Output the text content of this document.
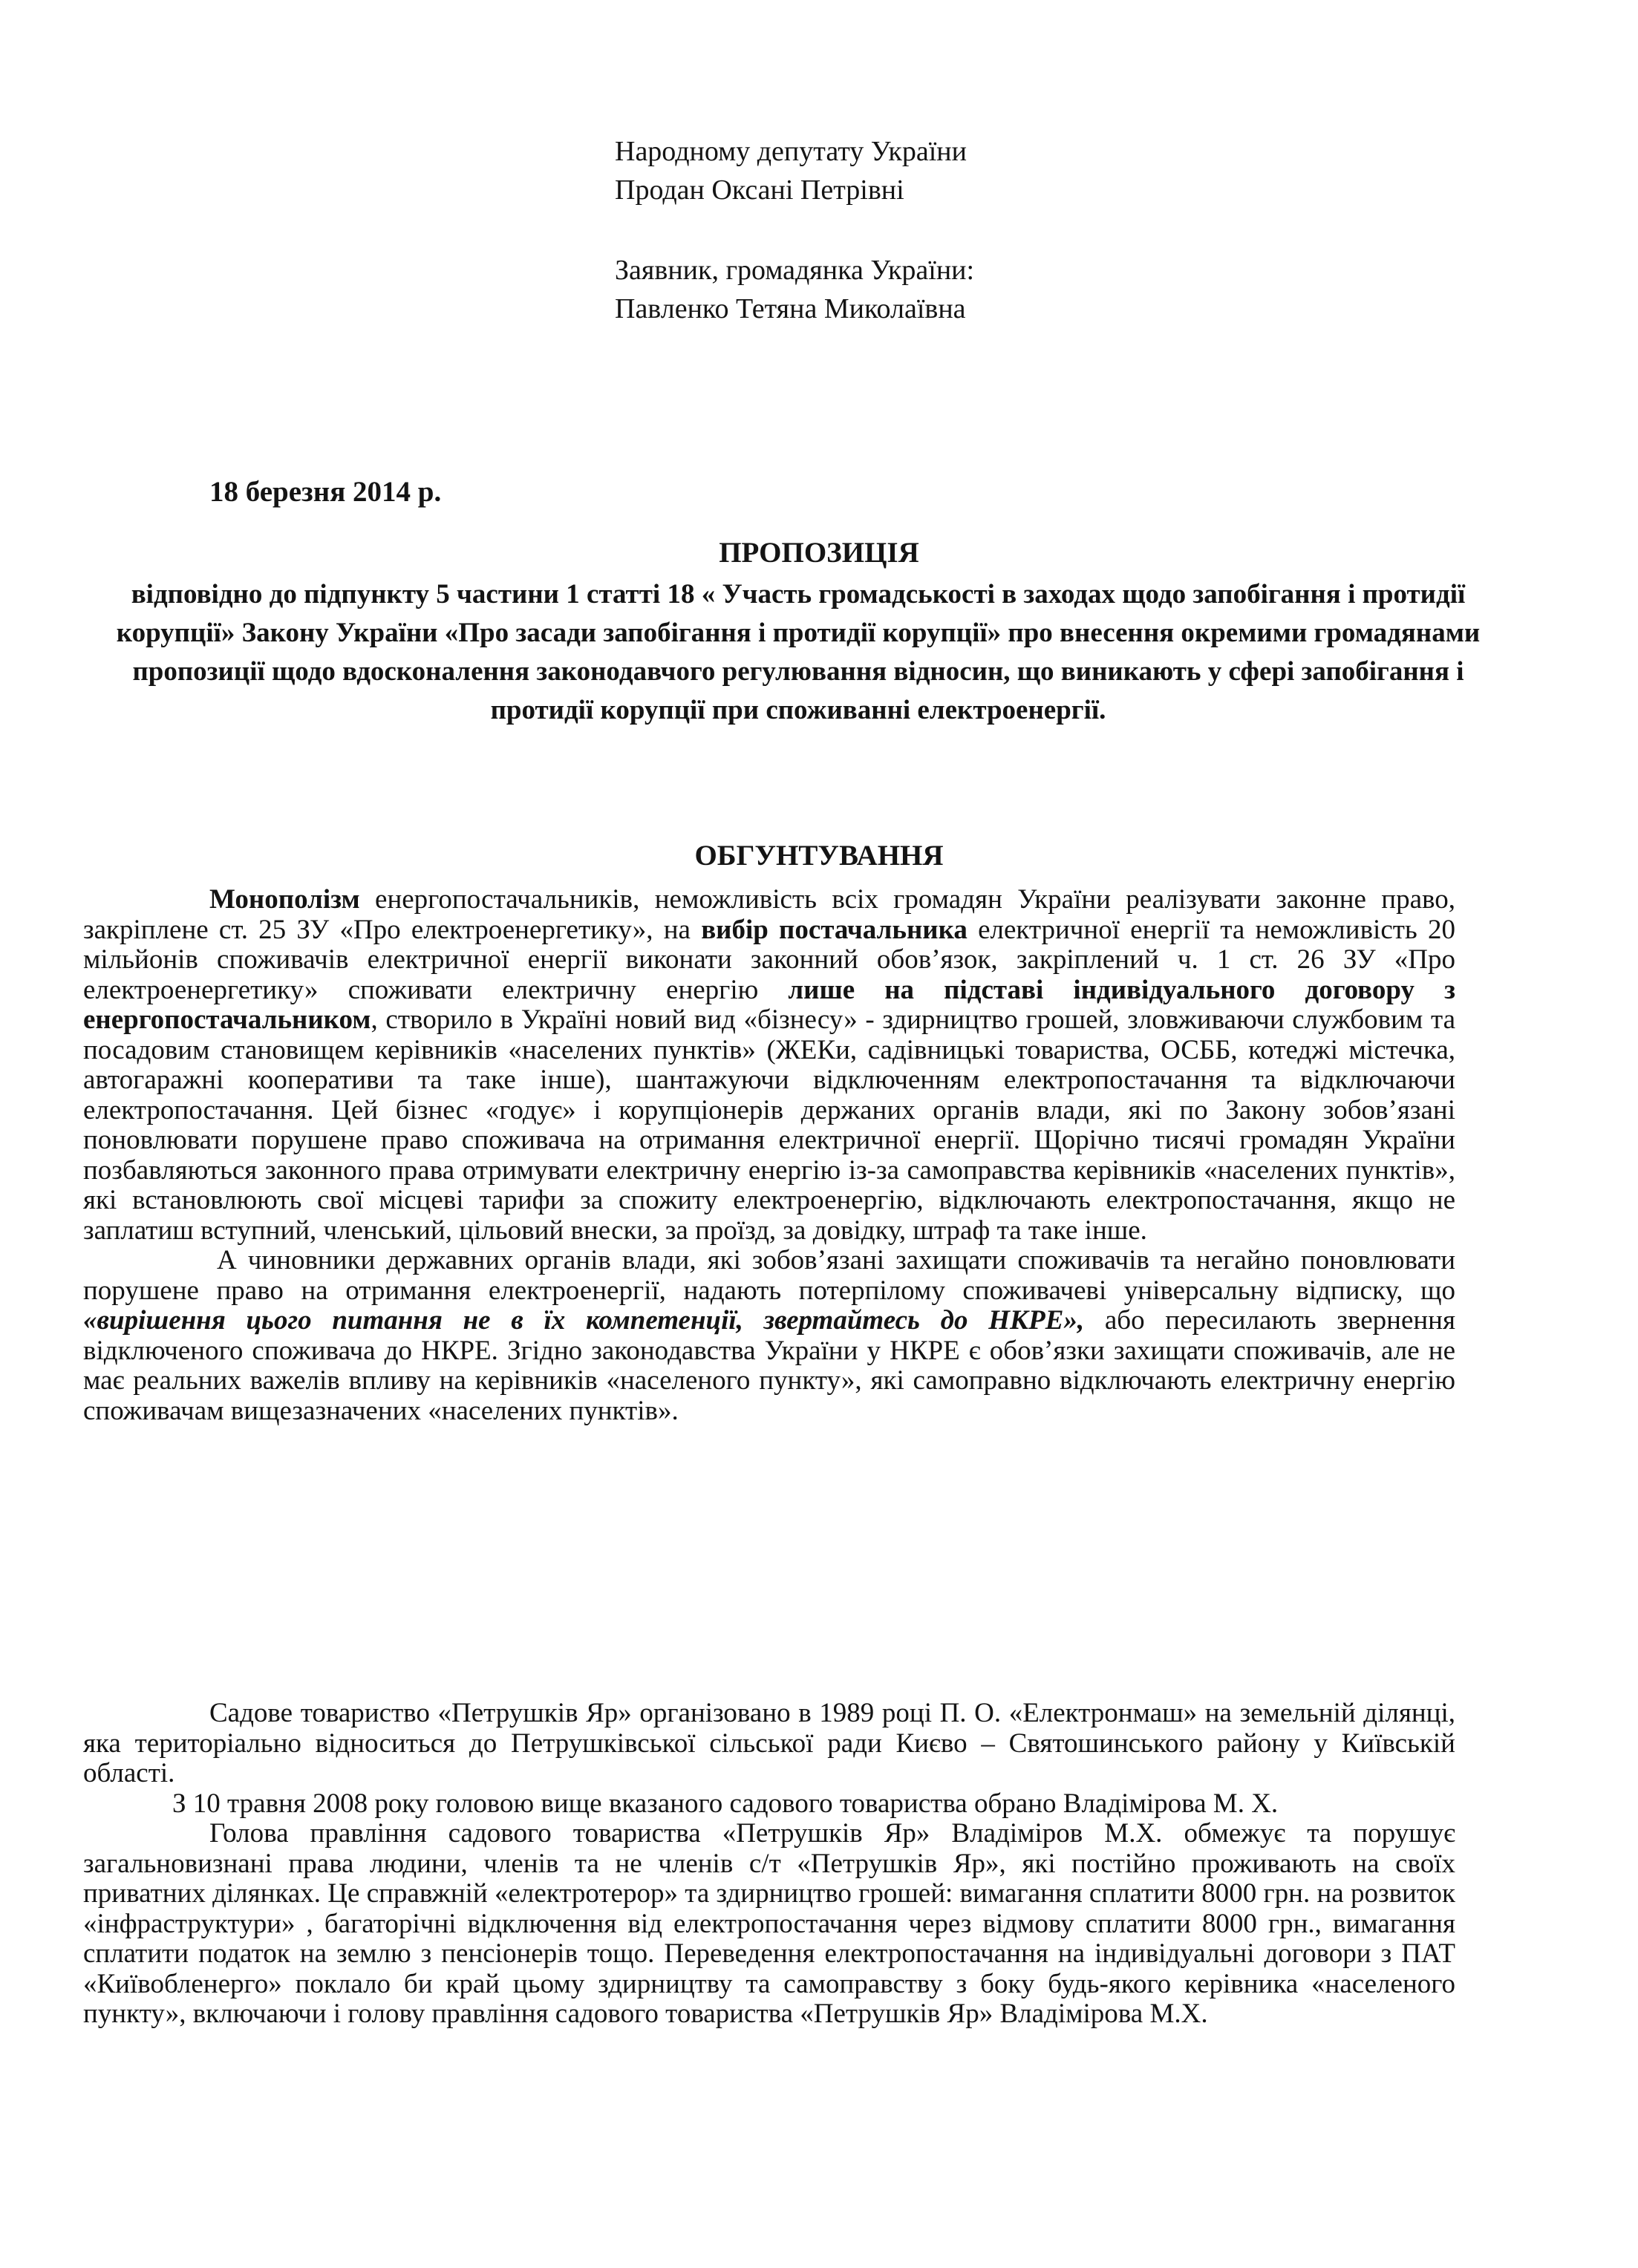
Народному депутату України
Продан Оксані Петрівні
Заявник, громадянка України:
Павленко Тетяна Миколаївна
18 березня 2014 р.
ПРОПОЗИЦІЯ
відповідно до підпункту 5 частини 1 статті 18 « Участь громадськості в заходах щодо запобігання і протидії корупції» Закону України «Про засади запобігання і протидії корупції» про внесення окремими громадянами пропозиції щодо вдосконалення законодавчого регулювання відносин, що виникають у сфері запобігання і протидії корупції при споживанні електроенергії.
ОБГУНТУВАННЯ

Монополізм енергопостачальників, неможливість всіх громадян України реалізувати законне право, закріплене ст. 25 ЗУ «Про електроенергетику», на вибір постачальника електричної енергії та неможливість 20 мільйонів споживачів електричної енергії виконати законний обов’язок, закріплений ч. 1 ст. 26 ЗУ «Про електроенергетику» споживати електричну енергію лише на підставі індивідуального договору з енергопостачальником, створило в Україні новий вид «бізнесу» - здирництво грошей, зловживаючи службовим та посадовим становищем керівників «населених пунктів» (ЖЕКи, садівницькі товариства, ОСББ, котеджі містечка, автогаражні кооперативи та таке інше), шантажуючи відключенням електропостачання та відключаючи електропостачання. Цей бізнес «годує» і корупціонерів держаних органів влади, які по Закону зобов’язані поновлювати порушене право споживача на отримання електричної енергії. Щорічно тисячі громадян України позбавляються законного права отримувати електричну енергію із-за самоправства керівників «населених пунктів», які встановлюють свої місцеві тарифи за спожиту електроенергію, відключають електропостачання, якщо не заплатиш вступний, членський, цільовий внески, за проїзд, за довідку, штраф та таке інше.

А чиновники державних органів влади, які зобов’язані захищати споживачів та негайно поновлювати порушене право на отримання електроенергії, надають потерпілому споживачеві універсальну відписку, що «вирішення цього питання не в їх компетенції, звертайтесь до НКРЕ», або пересилають звернення відключеного споживача до НКРЕ. Згідно законодавства України у НКРЕ є обов’язки захищати споживачів, але не має реальних важелів впливу на керівників «населеного пункту», які самоправно відключають електричну енергію споживачам вищезазначених «населених пунктів».

Садове товариство «Петрушків Яр» організовано в 1989 році П. О. «Електронмаш» на земельній ділянці, яка територіально відноситься до Петрушківської сільської ради Києво – Святошинського району у Київській області.

З 10 травня 2008 року головою вище вказаного садового товариства обрано Владімірова М. Х.

Голова правління садового товариства «Петрушків Яр» Владіміров М.Х. обмежує та порушує загальновизнані права людини, членів та не членів с/т «Петрушків Яр», які постійно проживають на своїх приватних ділянках. Це справжній «електротерор» та здирництво грошей: вимагання сплатити 8000 грн. на розвиток «інфраструктури» , багаторічні відключення від електропостачання через відмову сплатити 8000 грн., вимагання сплатити податок на землю з пенсіонерів тощо. Переведення електропостачання на індивідуальні договори з ПАТ «Київобленерго» поклало би край цьому здирництву та самоправству з боку будь-якого керівника «населеного пункту», включаючи і голову правління садового товариства «Петрушків Яр» Владімірова М.Х.
